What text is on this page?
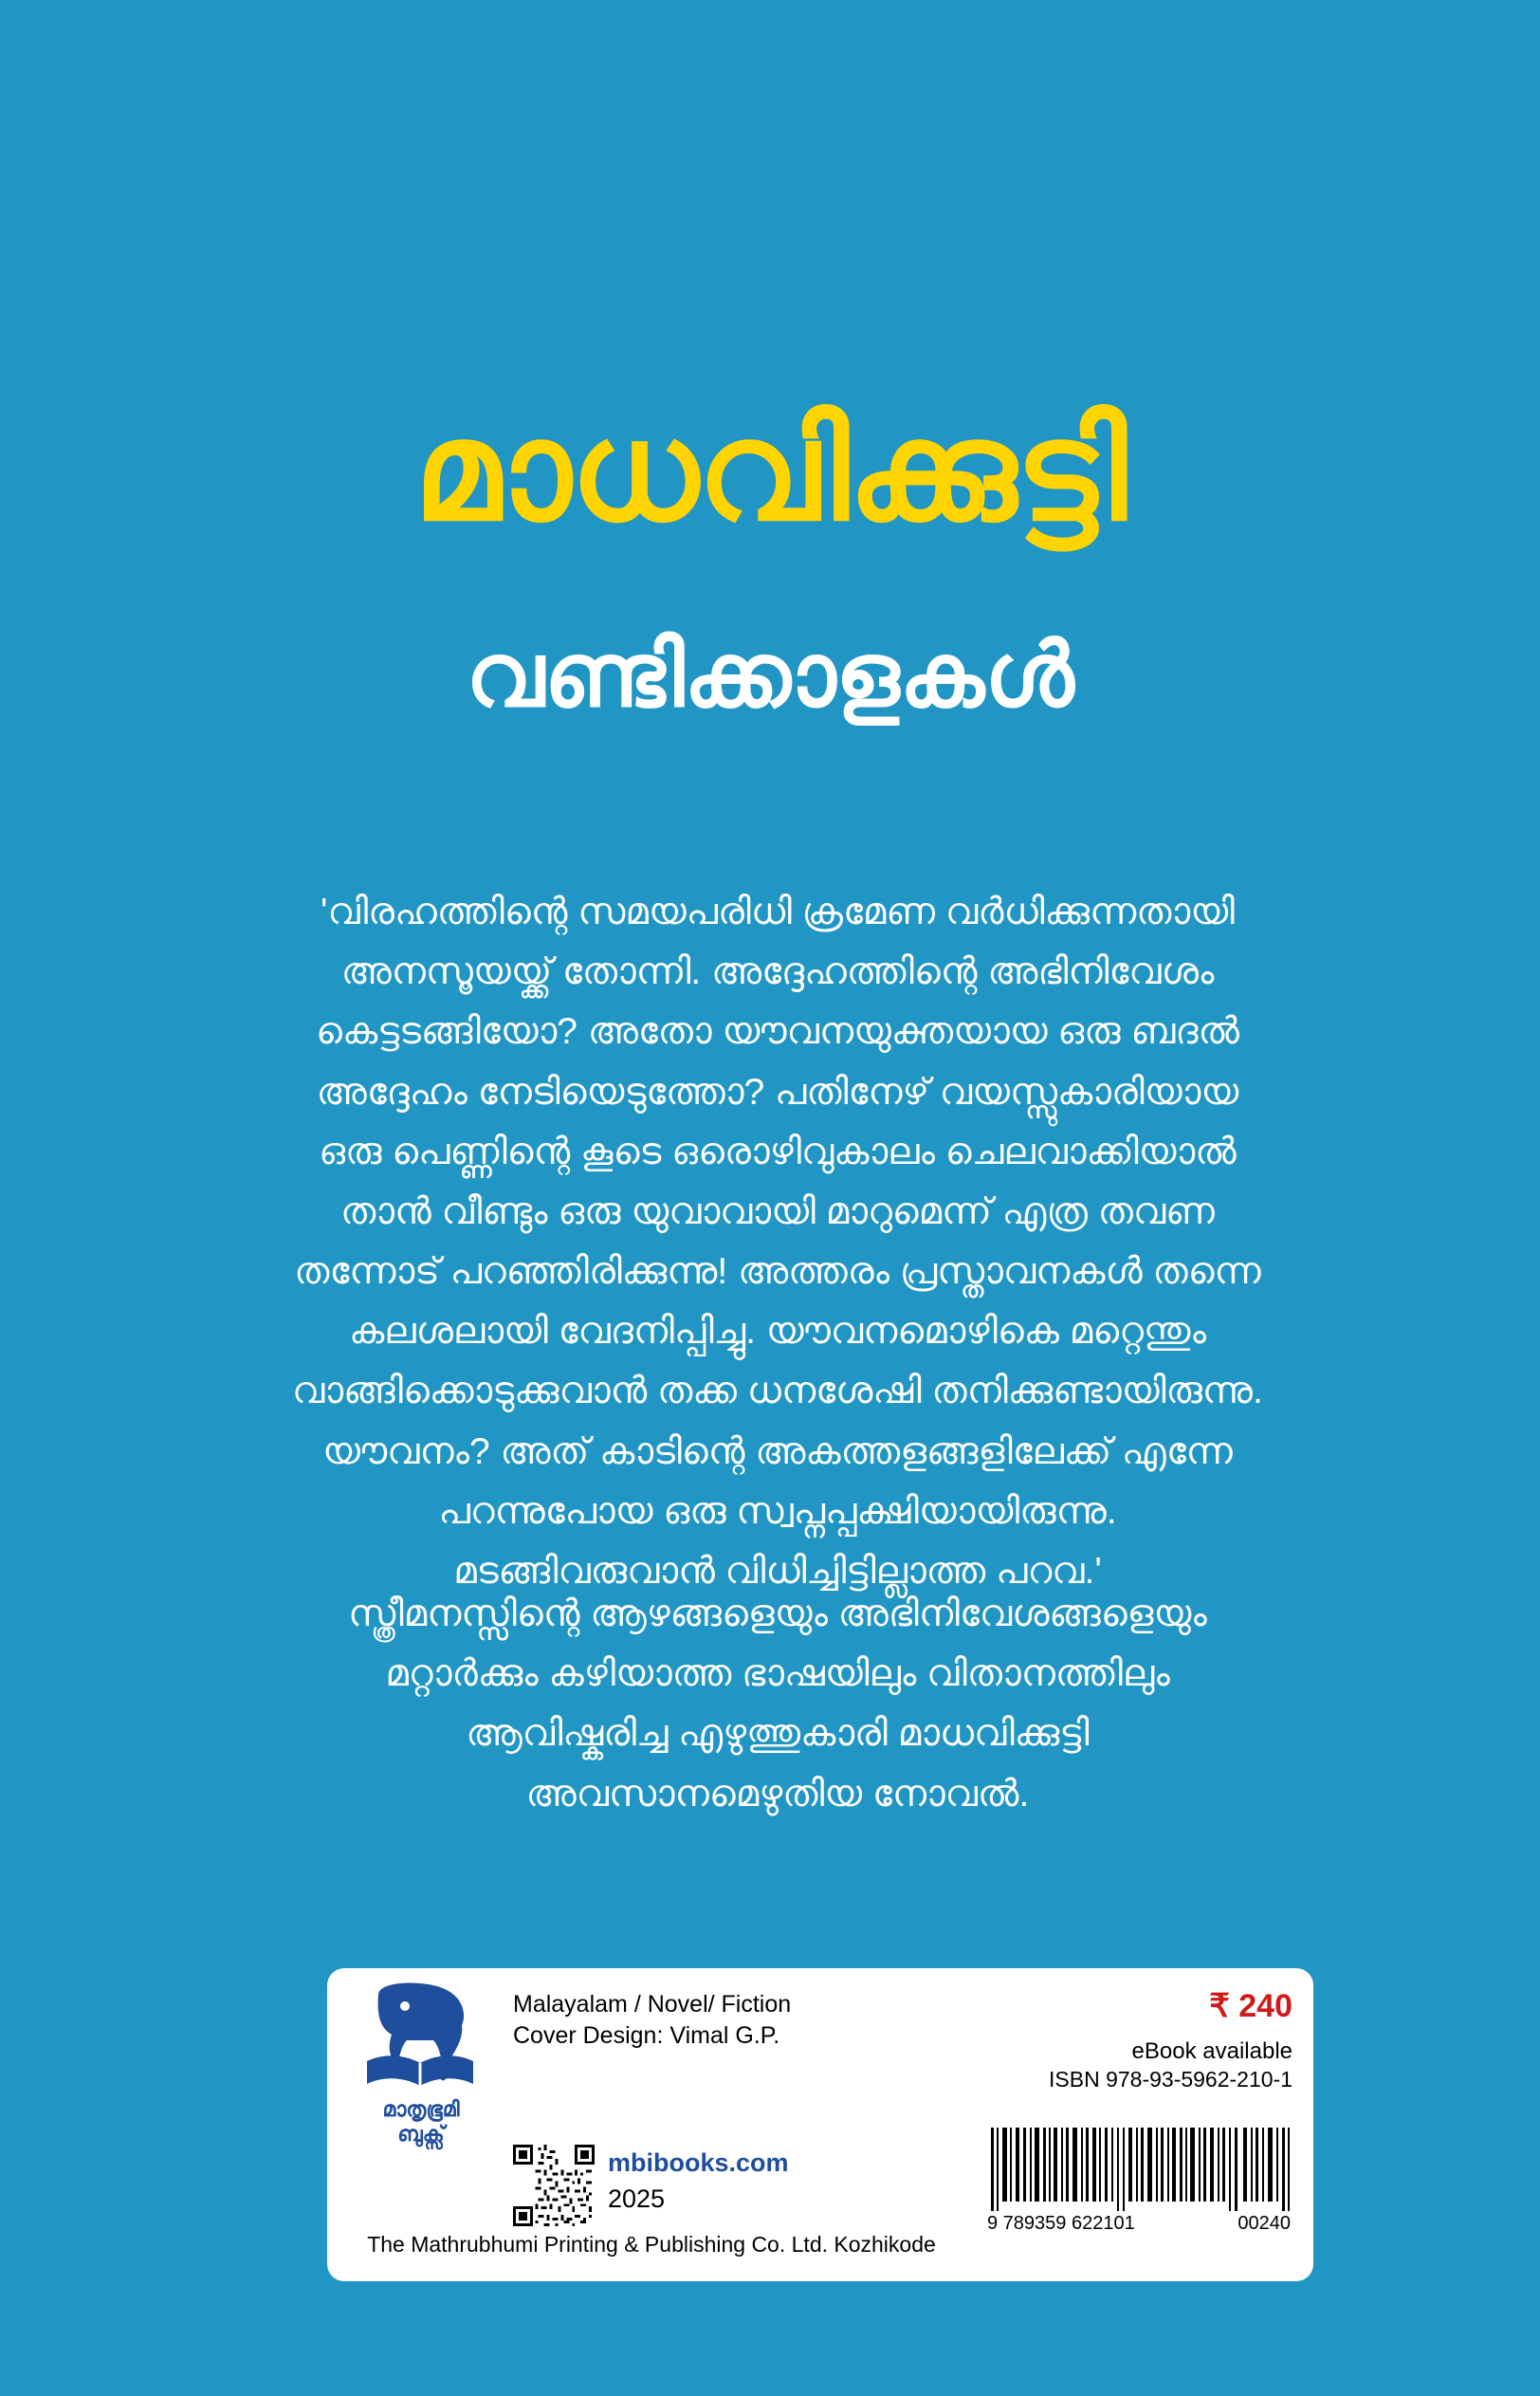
മാധവിക്കുട്ടി
വണ്ടിക്കാളകൾ

'വിരഹത്തിന്റെ സമയപരിധി ക്രമേണ വർധിക്കുന്നതായി

അനസൂയയ്ക്ക് തോന്നി. അദ്ദേഹത്തിന്റെ അഭിനിവേശം

കെട്ടടങ്ങിയോ? അതോ യൗവനയുക്തയായ ഒരു ബദൽ

അദ്ദേഹം നേടിയെടുത്തോ? പതിനേഴ് വയസ്സുകാരിയായ

ഒരു പെണ്ണിന്റെ കൂടെ ഒരൊഴിവുകാലം ചെലവാക്കിയാൽ

താൻ വീണ്ടും ഒരു യുവാവായി മാറുമെന്ന് എത്ര തവണ

തന്നോട് പറഞ്ഞിരിക്കുന്നു! അത്തരം പ്രസ്താവനകൾ തന്നെ

കലശലായി വേദനിപ്പിച്ചു. യൗവനമൊഴികെ മറ്റെന്തും

വാങ്ങിക്കൊടുക്കുവാൻ തക്ക ധനശേഷി തനിക്കുണ്ടായിരുന്നു.

യൗവനം? അത് കാടിന്റെ അകത്തളങ്ങളിലേക്ക് എന്നേ

പറന്നുപോയ ഒരു സ്വപ്നപ്പക്ഷിയായിരുന്നു.

മടങ്ങിവരുവാൻ വിധിച്ചിട്ടില്ലാത്ത പറവ.'

സ്ത്രീമനസ്സിന്റെ ആഴങ്ങളെയും അഭിനിവേശങ്ങളെയും

മറ്റാർക്കും കഴിയാത്ത ഭാഷയിലും വിതാനത്തിലും

ആവിഷ്കരിച്ച എഴുത്തുകാരി മാധവിക്കുട്ടി

അവസാനമെഴുതിയ നോവൽ.

മാതൃഭൂമി
ബുക്സ്
Malayalam / Novel/ Fiction
Cover Design: Vimal G.P.
₹ 240
eBook available
ISBN 978-93-5962-210-1
mbibooks.com
2025
The Mathrubhumi Printing & Publishing Co. Ltd. Kozhikode
9 789359 622101	00240
